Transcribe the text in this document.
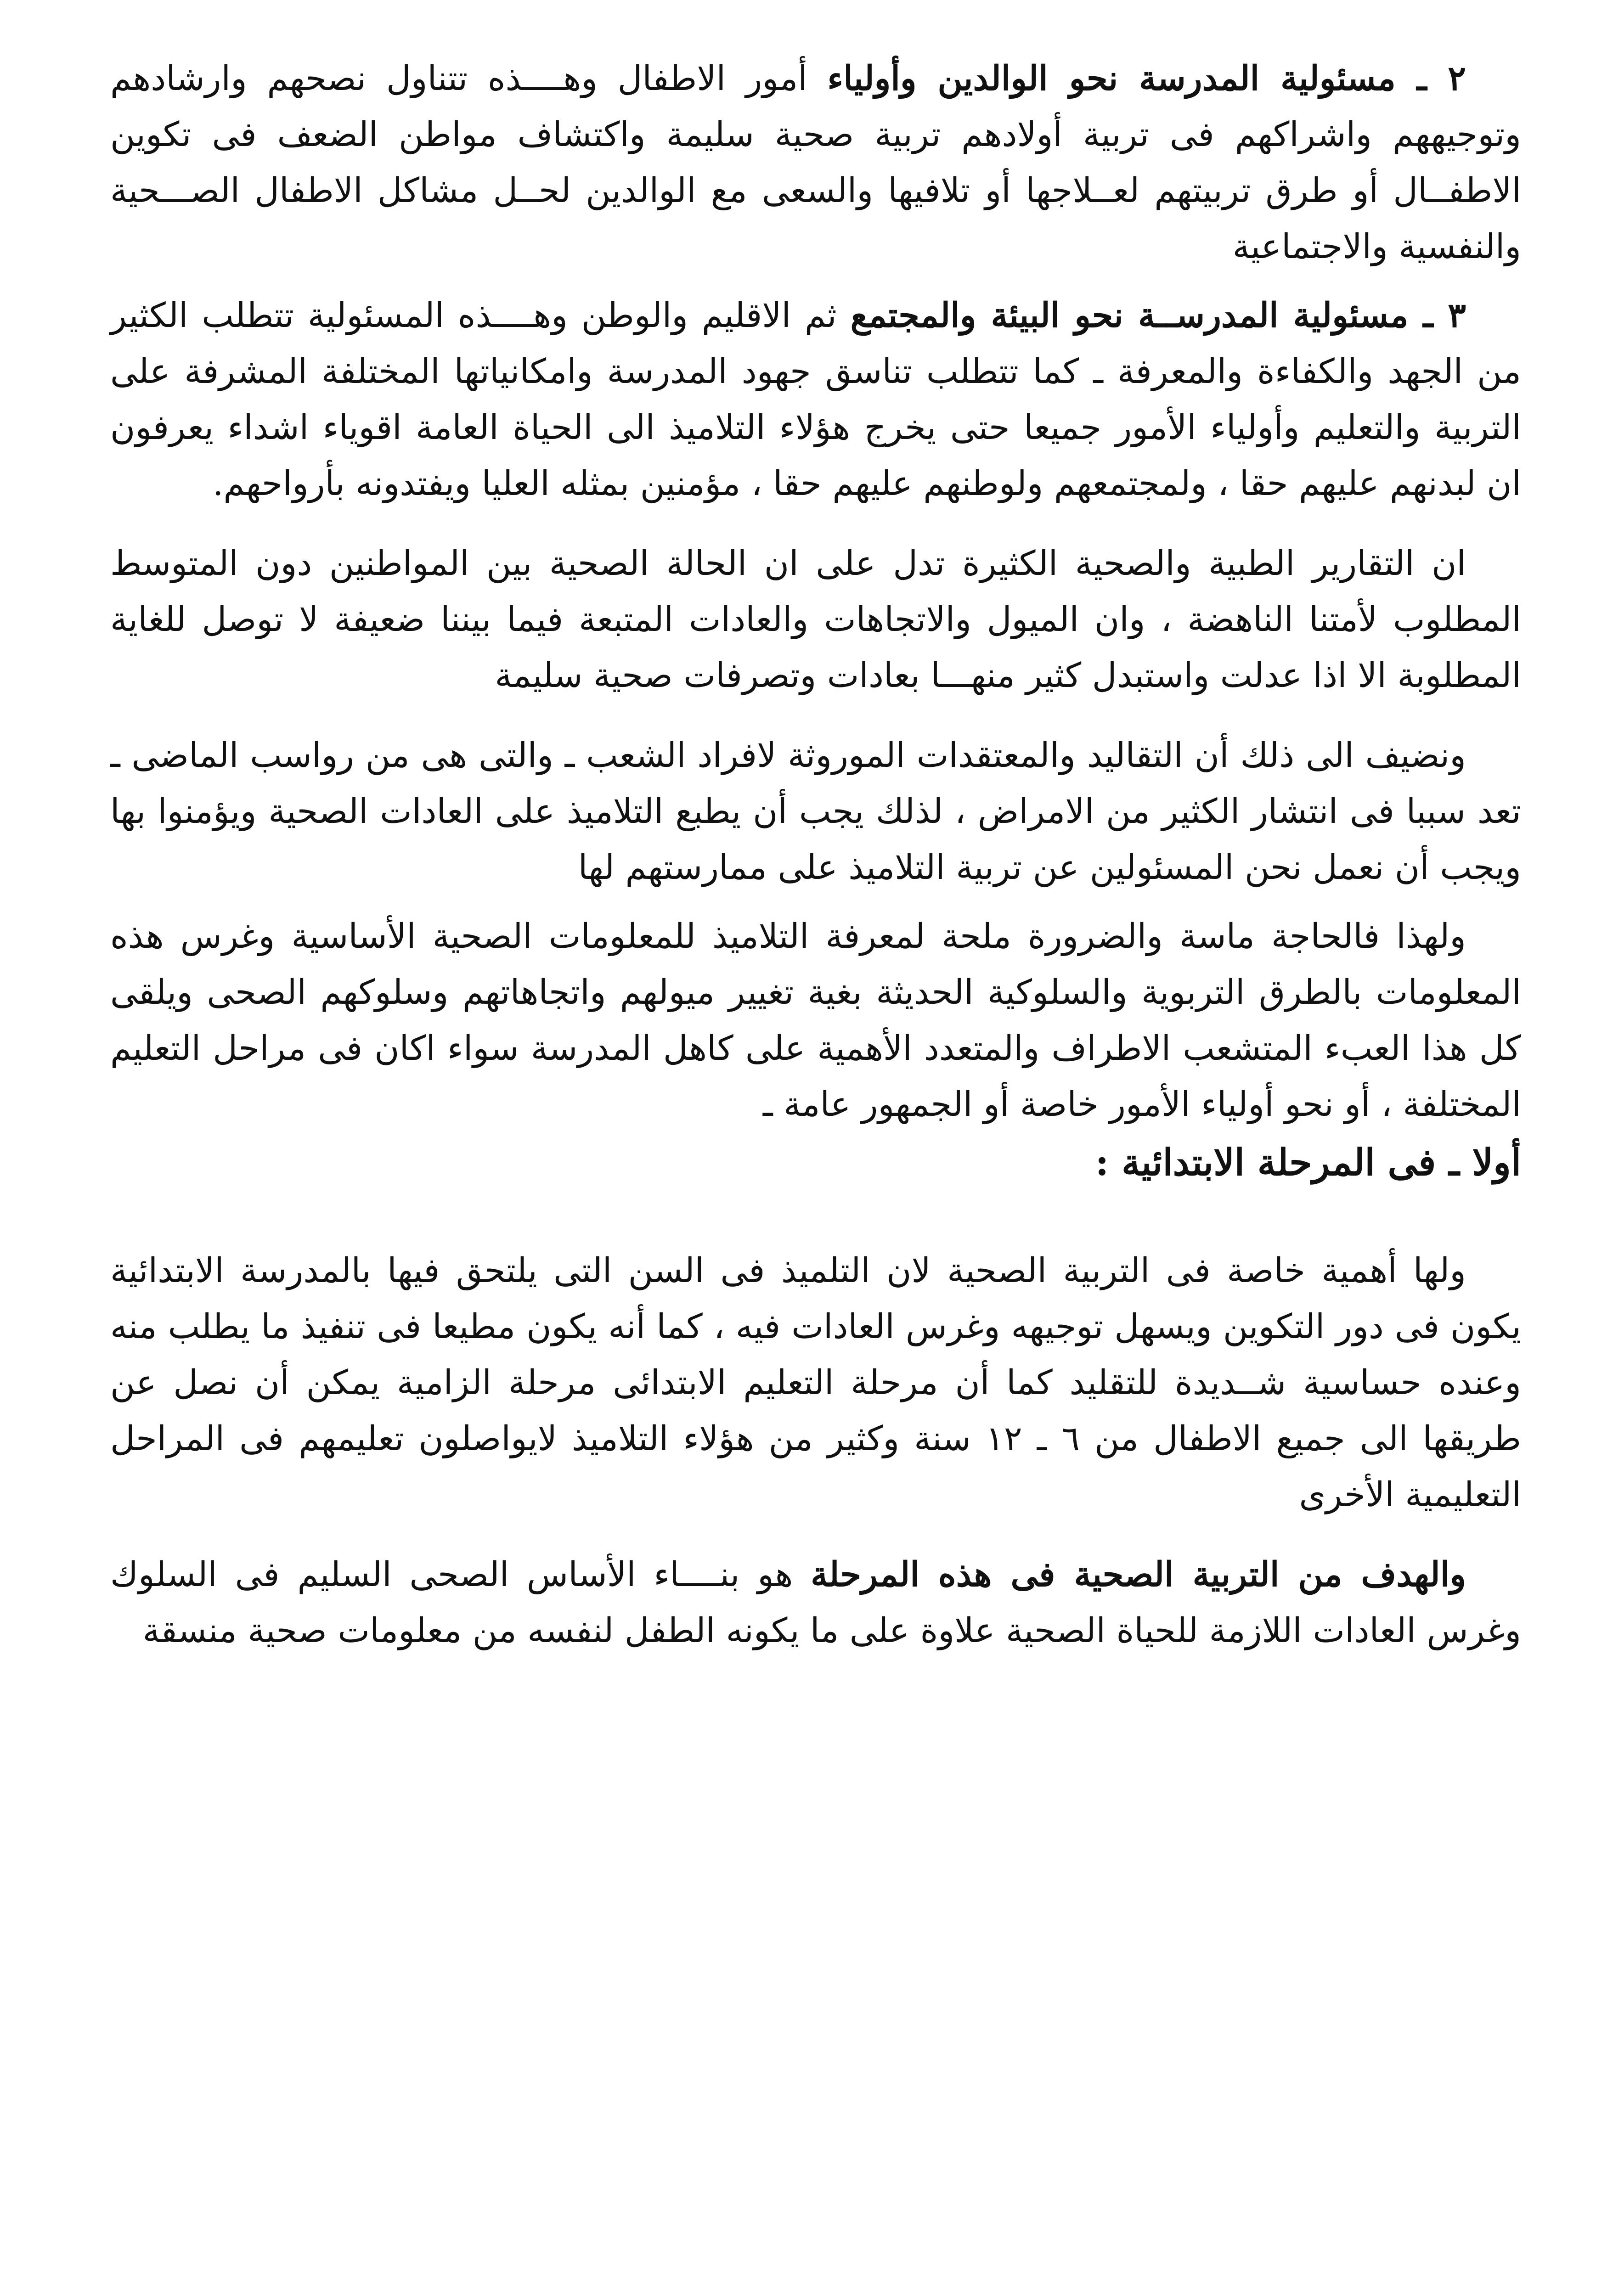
٢ ـ مسئولية المدرسة نحو الوالدين وأولياء أمور الاطفال وهــــذه تتناول نصحهم وارشادهم وتوجيههم واشراكهم فى تربية أولادهم تربية صحية سليمة واكتشاف مواطن الضعف فى تكوين الاطفــال أو طرق تربيتهم لعــلاجها أو تلافيها والسعى مع الوالدين لحــل مشاكل الاطفال الصـــحية والنفسية والاجتماعية

٣ ـ مسئولية المدرســة نحو البيئة والمجتمع ثم الاقليم والوطن وهــــذه المسئولية تتطلب الكثير من الجهد والكفاءة والمعرفة ـ كما تتطلب تناسق جهود المدرسة وامكانياتها المختلفة المشرفة على التربية والتعليم وأولياء الأمور جميعا حتى يخرج هؤلاء التلاميذ الى الحياة العامة اقوياء اشداء يعرفون ان لبدنهم عليهم حقا ، ولمجتمعهم ولوطنهم عليهم حقا ، مؤمنين بمثله العليا ويفتدونه بأرواحهم.

ان التقارير الطبية والصحية الكثيرة تدل على ان الحالة الصحية بين المواطنين دون المتوسط المطلوب لأمتنا الناهضة ، وان الميول والاتجاهات والعادات المتبعة فيما بيننا ضعيفة لا توصل للغاية المطلوبة الا اذا عدلت واستبدل كثير منهـــا بعادات وتصرفات صحية سليمة

ونضيف الى ذلك أن التقاليد والمعتقدات الموروثة لافراد الشعب ـ والتى هى من رواسب الماضى ـ تعد سببا فى انتشار الكثير من الامراض ، لذلك يجب أن يطبع التلاميذ على العادات الصحية ويؤمنوا بها ويجب أن نعمل نحن المسئولين عن تربية التلاميذ على ممارستهم لها

ولهذا فالحاجة ماسة والضرورة ملحة لمعرفة التلاميذ للمعلومات الصحية الأساسية وغرس هذه المعلومات بالطرق التربوية والسلوكية الحديثة بغية تغيير ميولهم واتجاهاتهم وسلوكهم الصحى ويلقى كل هذا العبء المتشعب الاطراف والمتعدد الأهمية على كاهل المدرسة سواء اكان فى مراحل التعليم المختلفة ، أو نحو أولياء الأمور خاصة أو الجمهور عامة ـ

أولا ـ فى المرحلة الابتدائية :

ولها أهمية خاصة فى التربية الصحية لان التلميذ فى السن التى يلتحق فيها بالمدرسة الابتدائية يكون فى دور التكوين ويسهل توجيهه وغرس العادات فيه ، كما أنه يكون مطيعا فى تنفيذ ما يطلب منه وعنده حساسية شــديدة للتقليد كما أن مرحلة التعليم الابتدائى مرحلة الزامية يمكن أن نصل عن طريقها الى جميع الاطفال من ٦ ـ ١٢ سنة وكثير من هؤلاء التلاميذ لايواصلون تعليمهم فى المراحل التعليمية الأخرى

والهدف من التربية الصحية فى هذه المرحلة هو بنــــاء الأساس الصحى السليم فى السلوك وغرس العادات اللازمة للحياة الصحية علاوة على ما يكونه الطفل لنفسه من معلومات صحية منسقة
